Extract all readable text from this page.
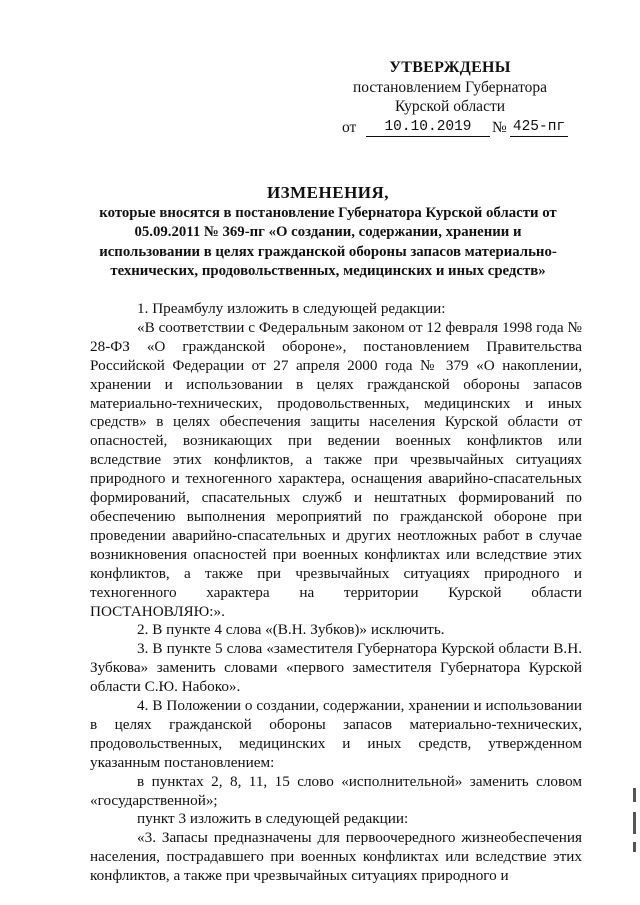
УТВЕРЖДЕНЫ
постановлением Губернатора
Курской области
от	10.10.2019	№ 425-пг
ИЗМЕНЕНИЯ,
которые вносятся в постановление Губернатора Курской области от 05.09.2011 № 369-пг «О создании, содержании, хранении и использовании в целях гражданской обороны запасов материально-технических, продовольственных, медицинских и иных средств»

1. Преамбулу изложить в следующей редакции:

«В соответствии с Федеральным законом от 12 февраля 1998 года № 28-ФЗ «О гражданской обороне», постановлением Правительства Российской Федерации от 27 апреля 2000 года № 379 «О накоплении, хранении и использовании в целях гражданской обороны запасов материально-технических, продовольственных, медицинских и иных средств» в целях обеспечения защиты населения Курской области от опасностей, возникающих при ведении военных конфликтов или вследствие этих конфликтов, а также при чрезвычайных ситуациях природного и техногенного характера, оснащения аварийно-спасательных формирований, спасательных служб и нештатных формирований по обеспечению выполнения мероприятий по гражданской обороне при проведении аварийно-спасательных и других неотложных работ в случае возникновения опасностей при военных конфликтах или вследствие этих конфликтов, а также при чрезвычайных ситуациях природного и техногенного характера на территории Курской области ПОСТАНОВЛЯЮ:».

2. В пункте 4 слова «(В.Н. Зубков)» исключить.

3. В пункте 5 слова «заместителя Губернатора Курской области В.Н. Зубкова» заменить словами «первого заместителя Губернатора Курской области С.Ю. Набоко».

4. В Положении о создании, содержании, хранении и использовании в целях гражданской обороны запасов материально-технических, продовольственных, медицинских и иных средств, утвержденном указанным постановлением:

в пунктах 2, 8, 11, 15 слово «исполнительной» заменить словом «государственной»;

пункт 3 изложить в следующей редакции:

«3. Запасы предназначены для первоочередного жизнеобеспечения населения, пострадавшего при военных конфликтах или вследствие этих конфликтов, а также при чрезвычайных ситуациях природного и
